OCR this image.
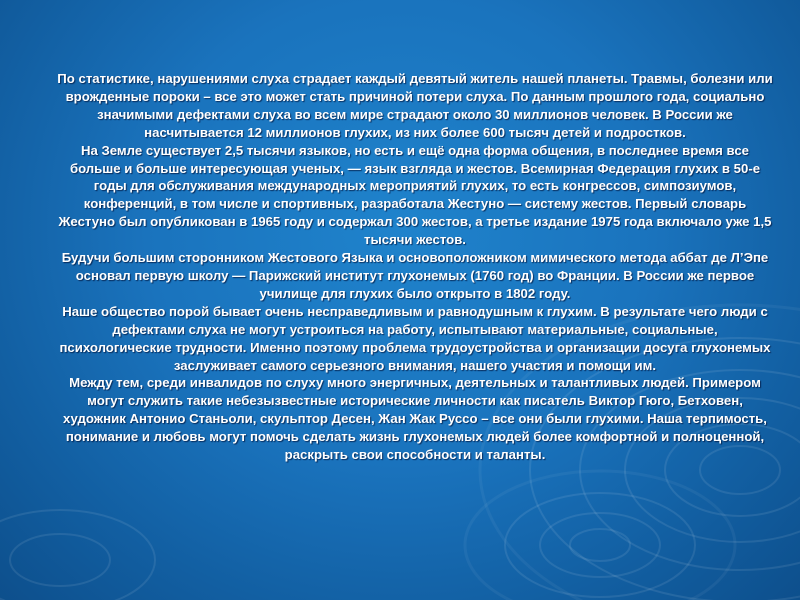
По статистике, нарушениями слуха страдает каждый девятый житель нашей планеты. Травмы, болезни или врожденные пороки – все это может стать причиной потери слуха. По данным прошлого года, социально значимыми дефектами слуха во всем мире страдают около 30 миллионов человек. В России же насчитывается 12 миллионов глухих, из них более 600 тысяч детей и подростков.

На Земле существует 2,5 тысячи языков, но есть и ещё одна форма общения, в последнее время все больше и больше интересующая ученых, — язык взгляда и жестов. Всемирная Федерация глухих в 50-е годы для обслуживания международных мероприятий глухих, то есть конгрессов, симпозиумов, конференций, в том числе и спортивных, разработала Жестуно — систему жестов. Первый словарь Жестуно был опубликован в 1965 году и содержал 300 жестов, а третье издание 1975 года включало уже 1,5 тысячи жестов.

Будучи большим сторонником Жестового Языка и основоположником мимического метода аббат де Л’Эпе основал первую школу — Парижский институт глухонемых (1760 год) во Франции. В России же первое училище для глухих было открыто в 1802 году.

Наше общество порой бывает очень несправедливым и равнодушным к глухим. В результате чего люди с дефектами слуха не могут устроиться на работу, испытывают материальные, социальные, психологические трудности. Именно поэтому проблема трудоустройства и организации досуга глухонемых заслуживает самого серьезного внимания, нашего участия и помощи им.

Между тем, среди инвалидов по слуху много энергичных, деятельных и талантливых людей. Примером могут служить такие небезызвестные исторические личности как писатель Виктор Гюго, Бетховен, художник Антонио Станьоли, скульптор Десен, Жан Жак Руссо – все они были глухими. Наша терпимость, понимание и любовь могут помочь сделать жизнь глухонемых людей более комфортной и полноценной, раскрыть свои способности и таланты.
